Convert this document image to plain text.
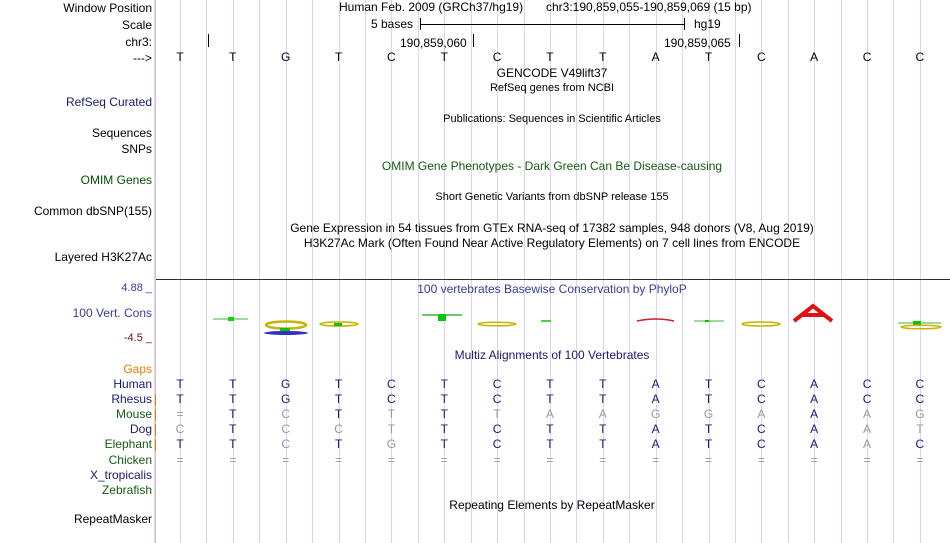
Window Position
Scale
chr3:
--->
RefSeq Curated
Sequences
SNPs
OMIM Genes
Common dbSNP(155)
Layered H3K27Ac
4.88 _
100 Vert. Cons
-4.5 _
Gaps
RepeatMasker
Human Feb. 2009 (GRCh37/hg19) chr3:190,859,055-190,859,069 (15 bp)
5 bases	hg19
190,859,060	190,859,065
T	T	G	T	C	T	C	T	T	A	T	C	A	C	C
GENCODE V49lift37
RefSeq genes from NCBI
Publications: Sequences in Scientific Articles
OMIM Gene Phenotypes - Dark Green Can Be Disease-causing
Short Genetic Variants from dbSNP release 155
Gene Expression in 54 tissues from GTEx RNA-seq of 17382 samples, 948 donors (V8, Aug 2019)
H3K27Ac Mark (Often Found Near Active Regulatory Elements) on 7 cell lines from ENCODE
100 vertebrates Basewise Conservation by PhyloP
Multiz Alignments of 100 Vertebrates
Human	T	T	G	T	C	T	C	T	T	A	T	C	A	C	C
Rhesus	T	T	G	T	C	T	C	T	T	A	T	C	A	C	C
Mouse	=	T	C	T	T	T	T	A	A	G	G	A	A	A	G
Dog	C	T	C	C	T	T	C	T	T	A	T	C	A	A	T
Elephant	T	T	C	T	G	T	C	T	T	A	T	C	A	A	C
Chicken	=	=	=	=	=	=	=	=	=	=	=	=	=	=	=
X_tropicalis
Zebrafish
Repeating Elements by RepeatMasker
